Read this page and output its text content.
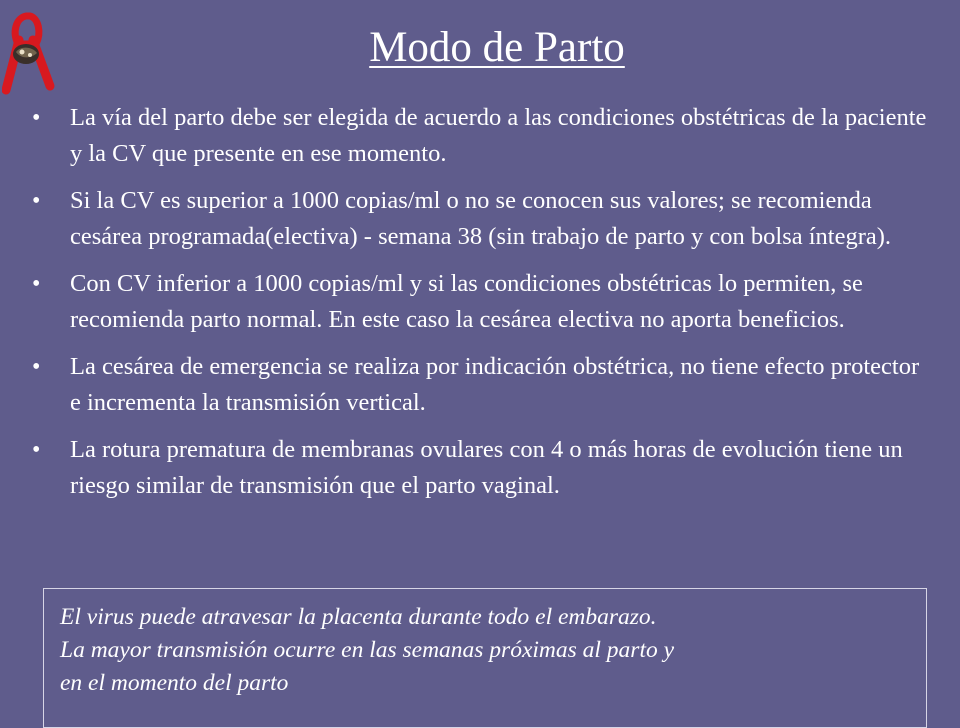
Modo de Parto
• La vía del parto debe ser elegida de acuerdo a las condiciones obstétricas de la paciente y la CV que presente en ese momento.
• Si la CV es superior a 1000 copias/ml o no se conocen sus valores; se recomienda cesárea programada(electiva) - semana 38 (sin trabajo de parto y con bolsa íntegra).
• Con CV inferior a 1000 copias/ml y si las condiciones obstétricas lo permiten, se recomienda parto normal. En este caso la cesárea electiva no aporta beneficios.
• La cesárea de emergencia se realiza por indicación obstétrica, no tiene efecto protector e incrementa la transmisión vertical.
• La rotura prematura de membranas ovulares con 4 o más horas de evolución tiene un riesgo similar de transmisión que el parto vaginal.
El virus puede atravesar la placenta durante todo el embarazo.
La mayor transmisión ocurre en las semanas próximas al parto y
en el momento del parto
